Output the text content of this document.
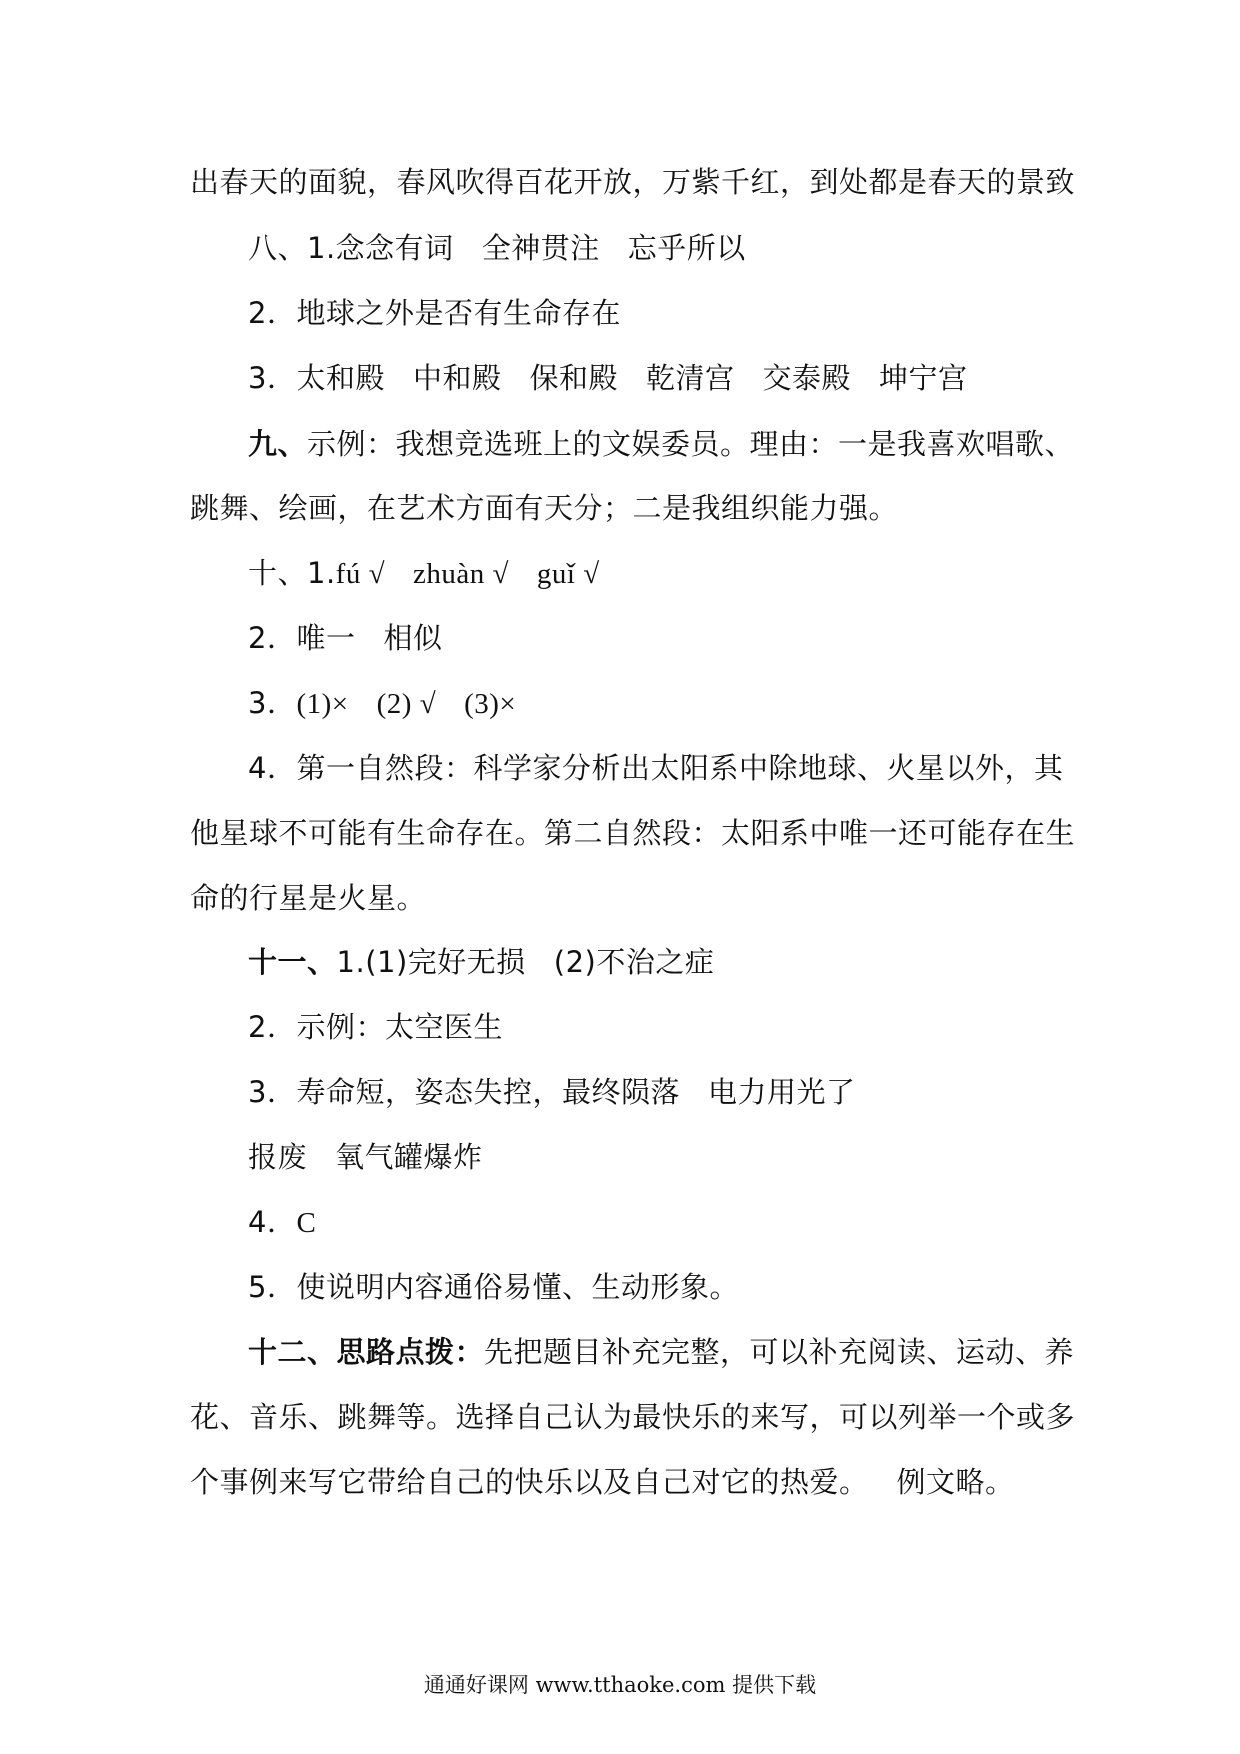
出春天的面貌，春风吹得百花开放，万紫千红，到处都是春天的景致
八、1.念念有词 全神贯注 忘乎所以
2．地球之外是否有生命存在
3．太和殿 中和殿 保和殿 乾清宫 交泰殿 坤宁宫
九、示例：我想竞选班上的文娱委员。理由：一是我喜欢唱歌、
跳舞、绘画，在艺术方面有天分；二是我组织能力强。
十、1.fú √ zhuàn √ guǐ √
2．唯一 相似
3．(1)× (2) √ (3)×
4．第一自然段：科学家分析出太阳系中除地球、火星以外，其
他星球不可能有生命存在。第二自然段：太阳系中唯一还可能存在生
命的行星是火星。
十一、1.(1)完好无损 (2)不治之症
2．示例：太空医生
3．寿命短，姿态失控，最终陨落 电力用光了
报废 氧气罐爆炸
4．C
5．使说明内容通俗易懂、生动形象。
十二、思路点拨：先把题目补充完整，可以补充阅读、运动、养
花、音乐、跳舞等。选择自己认为最快乐的来写，可以列举一个或多
个事例来写它带给自己的快乐以及自己对它的热爱。 例文略。
通通好课网 www.tthaoke.com 提供下载
